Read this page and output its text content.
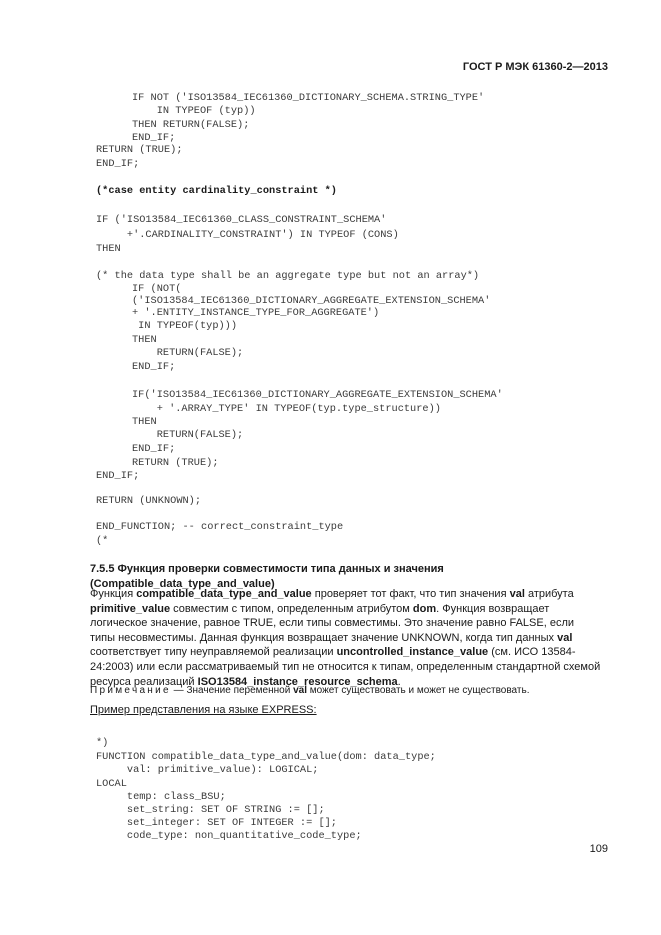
ГОСТ Р МЭК 61360-2—2013
IF NOT ('ISO13584_IEC61360_DICTIONARY_SCHEMA.STRING_TYPE'
IN TYPEOF (typ))
THEN RETURN(FALSE);
END_IF;
RETURN (TRUE);
END_IF;
(*case entity cardinality_constraint *)
IF ('ISO13584_IEC61360_CLASS_CONSTRAINT_SCHEMA'
+'.CARDINALITY_CONSTRAINT') IN TYPEOF (CONS)
THEN
(* the data type shall be an aggregate type but not an array*)
IF (NOT(
('ISO13584_IEC61360_DICTIONARY_AGGREGATE_EXTENSION_SCHEMA'
+ '.ENTITY_INSTANCE_TYPE_FOR_AGGREGATE')
IN TYPEOF(typ)))
THEN
RETURN(FALSE);
END_IF;
IF('ISO13584_IEC61360_DICTIONARY_AGGREGATE_EXTENSION_SCHEMA'
+ '.ARRAY_TYPE' IN TYPEOF(typ.type_structure))
THEN
RETURN(FALSE);
END_IF;
RETURN (TRUE);
END_IF;
RETURN (UNKNOWN);
END_FUNCTION; -- correct_constraint_type
(*
7.5.5 Функция проверки совместимости типа данных и значения (Compatible_data_type_and_value)
Функция compatible_data_type_and_value проверяет тот факт, что тип значения val атрибута primitive_value совместим с типом, определенным атрибутом dom. Функция возвращает логическое значение, равное TRUE, если типы совместимы. Это значение равно FALSE, если типы несовместимы. Данная функция возвращает значение UNKNOWN, когда тип данных val соответствует типу неуправляемой реализации uncontrolled_instance_value (см. ИСО 13584-24:2003) или если рассматриваемый тип не относится к типам, определенным стандартной схемой ресурса реализаций ISO13584_instance_resource_schema.
Примечание — Значение переменной val может существовать и может не существовать.
Пример представления на языке EXPRESS:
*)
FUNCTION compatible_data_type_and_value(dom: data_type;
val: primitive_value): LOGICAL;
LOCAL
temp: class_BSU;
set_string: SET OF STRING := [];
set_integer: SET OF INTEGER := [];
code_type: non_quantitative_code_type;
109
